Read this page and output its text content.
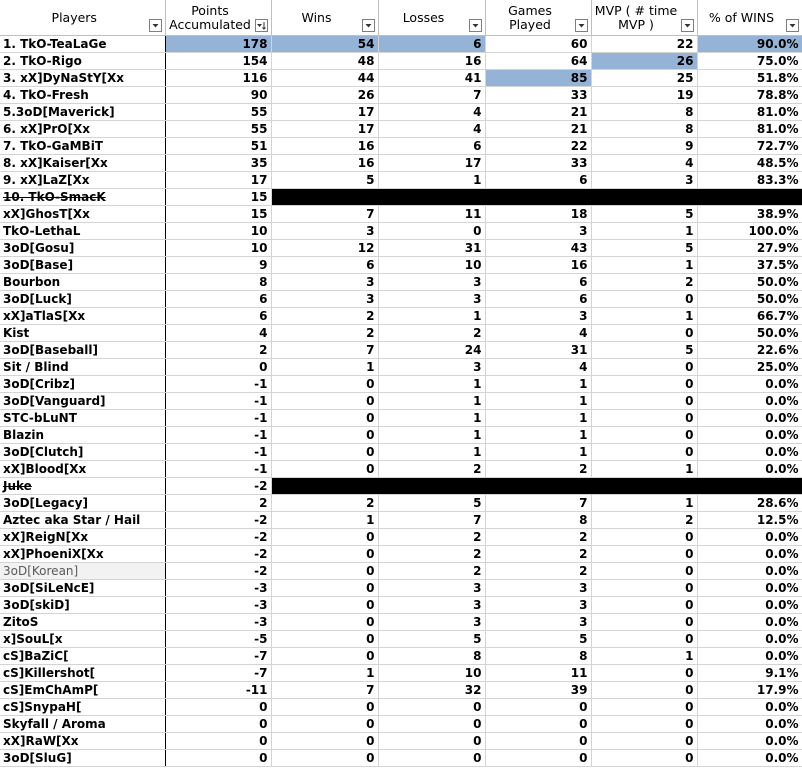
Players	Points Accumulated	Wins	Losses	Games Played	MVP ( # time MVP )	% of WINS

1. TkO-TeaLaGe	178	54	6	60	22	90.0%
2. TkO-Rigo	154	48	16	64	26	75.0%
3. xX]DyNaStY[Xx	116	44	41	85	25	51.8%
4. TkO-Fresh	90	26	7	33	19	78.8%
5.3oD[Maverick]	55	17	4	21	8	81.0%
6. xX]PrO[Xx	55	17	4	21	8	81.0%
7. TkO-GaMBiT	51	16	6	22	9	72.7%
8. xX]Kaiser[Xx	35	16	17	33	4	48.5%
9. xX]LaZ[Xx	17	5	1	6	3	83.3%
10. TkO-SmacK	15					
xX]GhosT[Xx	15	7	11	18	5	38.9%
TkO-LethaL	10	3	0	3	1	100.0%
3oD[Gosu]	10	12	31	43	5	27.9%
3oD[Base]	9	6	10	16	1	37.5%
Bourbon	8	3	3	6	2	50.0%
3oD[Luck]	6	3	3	6	0	50.0%
xX]aTlaS[Xx	6	2	1	3	1	66.7%
Kist	4	2	2	4	0	50.0%
3oD[Baseball]	2	7	24	31	5	22.6%
Sit / Blind	0	1	3	4	0	25.0%
3oD[Cribz]	-1	0	1	1	0	0.0%
3oD[Vanguard]	-1	0	1	1	0	0.0%
STC-bLuNT	-1	0	1	1	0	0.0%
Blazin	-1	0	1	1	0	0.0%
3oD[Clutch]	-1	0	1	1	0	0.0%
xX]Blood[Xx	-1	0	2	2	1	0.0%
Juke	-2					
3oD[Legacy]	2	2	5	7	1	28.6%
Aztec aka Star / Hail	-2	1	7	8	2	12.5%
xX]ReigN[Xx	-2	0	2	2	0	0.0%
xX]PhoeniX[Xx	-2	0	2	2	0	0.0%
3oD[Korean]	-2	0	2	2	0	0.0%
3oD[SiLeNcE]	-3	0	3	3	0	0.0%
3oD[skiD]	-3	0	3	3	0	0.0%
ZitoS	-3	0	3	3	0	0.0%
x]SouL[x	-5	0	5	5	0	0.0%
cS]BaZiC[	-7	0	8	8	1	0.0%
cS]Killershot[	-7	1	10	11	0	9.1%
cS]EmChAmP[	-11	7	32	39	0	17.9%
cS]SnypaH[	0	0	0	0	0	0.0%
Skyfall / Aroma	0	0	0	0	0	0.0%
xX]RaW[Xx	0	0	0	0	0	0.0%
3oD[SluG]	0	0	0	0	0	0.0%
